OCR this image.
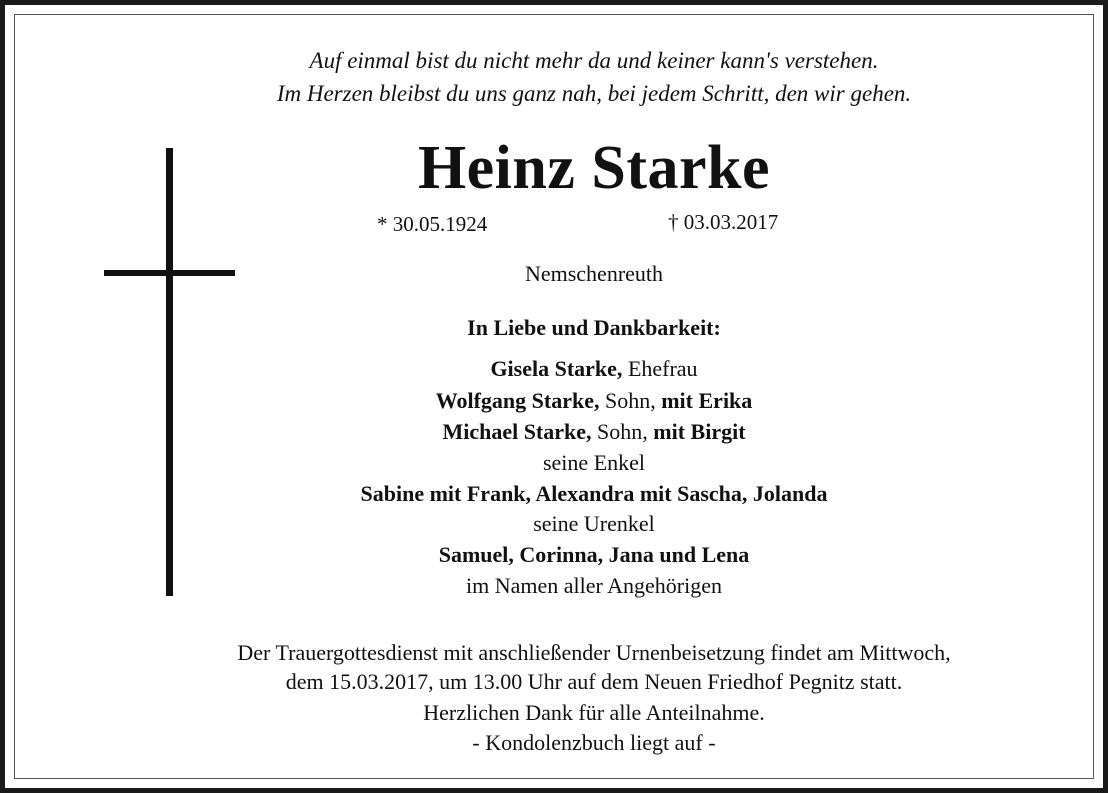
Auf einmal bist du nicht mehr da und keiner kann's verstehen.
Im Herzen bleibst du uns ganz nah, bei jedem Schritt, den wir gehen.
Heinz Starke
* 30.05.1924	† 03.03.2017
Nemschenreuth
In Liebe und Dankbarkeit:
Gisela Starke, Ehefrau
Wolfgang Starke, Sohn, mit Erika
Michael Starke, Sohn, mit Birgit
seine Enkel
Sabine mit Frank, Alexandra mit Sascha, Jolanda
seine Urenkel
Samuel, Corinna, Jana und Lena
im Namen aller Angehörigen
Der Trauergottesdienst mit anschließender Urnenbeisetzung findet am Mittwoch,
dem 15.03.2017, um 13.00 Uhr auf dem Neuen Friedhof Pegnitz statt.
Herzlichen Dank für alle Anteilnahme.
- Kondolenzbuch liegt auf -
